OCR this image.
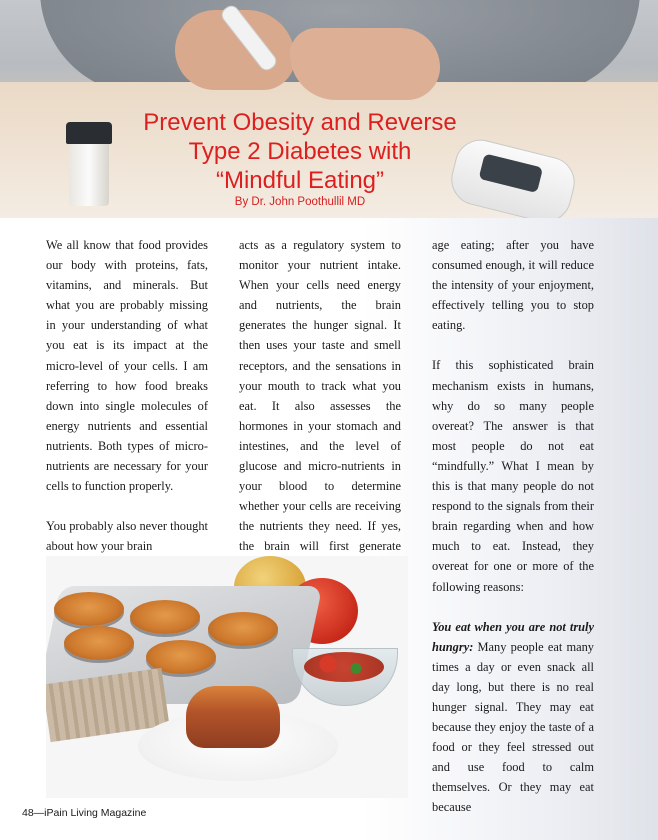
Prevent Obesity and Reverse
Type 2 Diabetes with
“Mindful Eating”
By Dr. John Poothullil MD

We all know that food provides our body with proteins, fats, vitamins, and minerals. But what you are probably missing in your understanding of what you eat is its impact at the micro-level of your cells. I am referring to how food breaks down into single molecules of energy nutrients and essential nutrients. Both types of micro-nutrients are necessary for your cells to function properly.

You probably also never thought about how your brain

acts as a regulatory system to monitor your nutrient intake. When your cells need energy and nutrients, the brain generates the hunger signal. It then uses your taste and smell receptors, and the sensations in your mouth to track what you eat. It also assesses the hormones in your stomach and intestines, and the level of glucose and micro-nutrients in your blood to determine whether your cells are receiving the nutrients they need. If yes, the brain will first generate

age eating; after you have consumed enough, it will reduce the intensity of your enjoyment, effectively telling you to stop eating.

If this sophisticated brain mechanism exists in humans, why do so many people overeat? The answer is that most people do not eat “mindfully.” What I mean by this is that many people do not respond to the signals from their brain regarding when and how much to eat. Instead, they overeat for one or more of the following reasons:

You eat when you are not truly hungry: Many people eat many times a day or even snack all day long, but there is no real hunger signal. They may eat because they enjoy the taste of a food or they feel stressed out and use food to calm themselves. Or they may eat because

48—iPain Living Magazine
